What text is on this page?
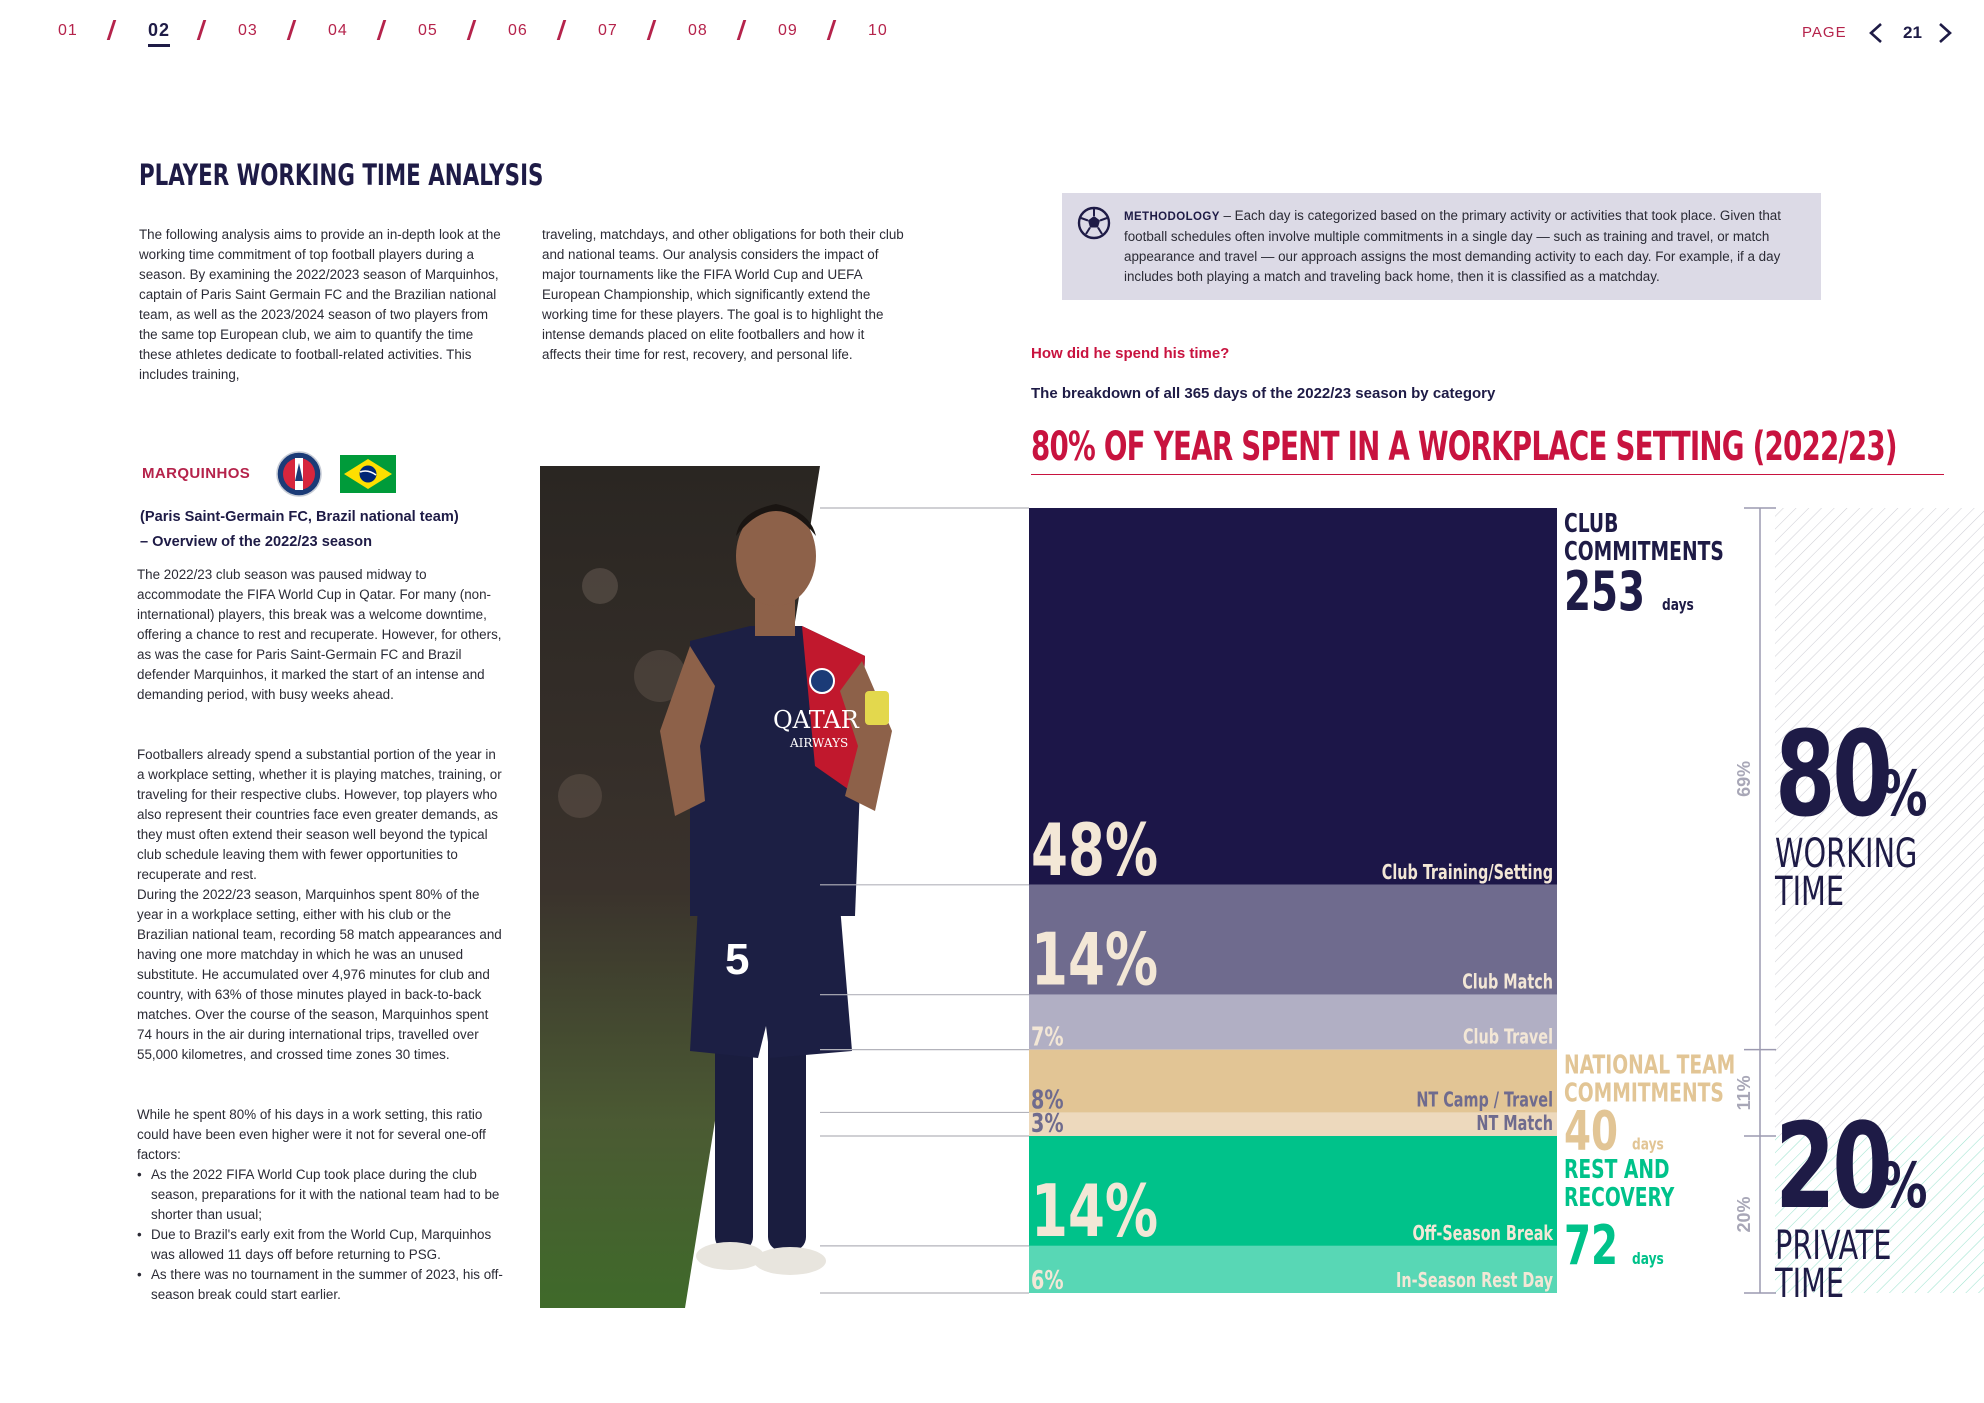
01	02	03	04	05	06	07	08	09	10	PAGE	21
PLAYER WORKING TIME ANALYSIS
The following analysis aims to provide an in-depth look at the working time commitment of top football players during a season. By examining the 2022/2023 season of Marquinhos, captain of Paris Saint Germain FC and the Brazilian national team, as well as the 2023/2024 season of two players from the same top European club, we aim to quantify the time these athletes dedicate to football-related activities. This includes training,
traveling, matchdays, and other obligations for both their club and national teams. Our analysis considers the impact of major tournaments like the FIFA World Cup and UEFA European Championship, which significantly extend the working time for these players. The goal is to highlight the intense demands placed on elite footballers and how it affects their time for rest, recovery, and personal life.
METHODOLOGY – Each day is categorized based on the primary activity or activities that took place. Given that football schedules often involve multiple commitments in a single day — such as training and travel, or match appearance and travel — our approach assigns the most demanding activity to each day. For example, if a day includes both playing a match and traveling back home, then it is classified as a matchday.
How did he spend his time?
The breakdown of all 365 days of the 2022/23 season by category
80% OF YEAR SPENT IN A WORKPLACE SETTING (2022/23)
MARQUINHOS
(Paris Saint-Germain FC, Brazil national team)
– Overview of the 2022/23 season
The 2022/23 club season was paused midway to accommodate the FIFA World Cup in Qatar. For many (non-international) players, this break was a welcome downtime, offering a chance to rest and recuperate. However, for others, as was the case for Paris Saint-Germain FC and Brazil defender Marquinhos, it marked the start of an intense and demanding period, with busy weeks ahead.
Footballers already spend a substantial portion of the year in a workplace setting, whether it is playing matches, training, or traveling for their respective clubs. However, top players who also represent their countries face even greater demands, as they must often extend their season well beyond the typical club schedule leaving them with fewer opportunities to recuperate and rest.
During the 2022/23 season, Marquinhos spent 80% of the year in a workplace setting, either with his club or the Brazilian national team, recording 58 match appearances and having one more matchday in which he was an unused substitute. He accumulated over 4,976 minutes for club and country, with 63% of those minutes played in back-to-back matches. Over the course of the season, Marquinhos spent 74 hours in the air during international trips, travelled over 55,000 kilometres, and crossed time zones 30 times.
While he spent 80% of his days in a work setting, this ratio could have been even higher were it not for several one-off factors:
• As the 2022 FIFA World Cup took place during the club season, preparations for it with the national team had to be shorter than usual;
• Due to Brazil's early exit from the World Cup, Marquinhos was allowed 11 days off before returning to PSG.
• As there was no tournament in the summer of 2023, his off-season break could start earlier.
QATAR
AIRWAYS
5
48%	Club Training/Setting
14%	Club Match
7%	Club Travel
8%	NT Camp / Travel
3%	NT Match
14%	Off-Season Break
6%	In-Season Rest Day
CLUB
COMMITMENTS
253 days
NATIONAL TEAM
COMMITMENTS
40 days
REST AND
RECOVERY
72 days
69%
11%
20%
80
%
WORKING
TIME
20
%
PRIVATE
TIME
